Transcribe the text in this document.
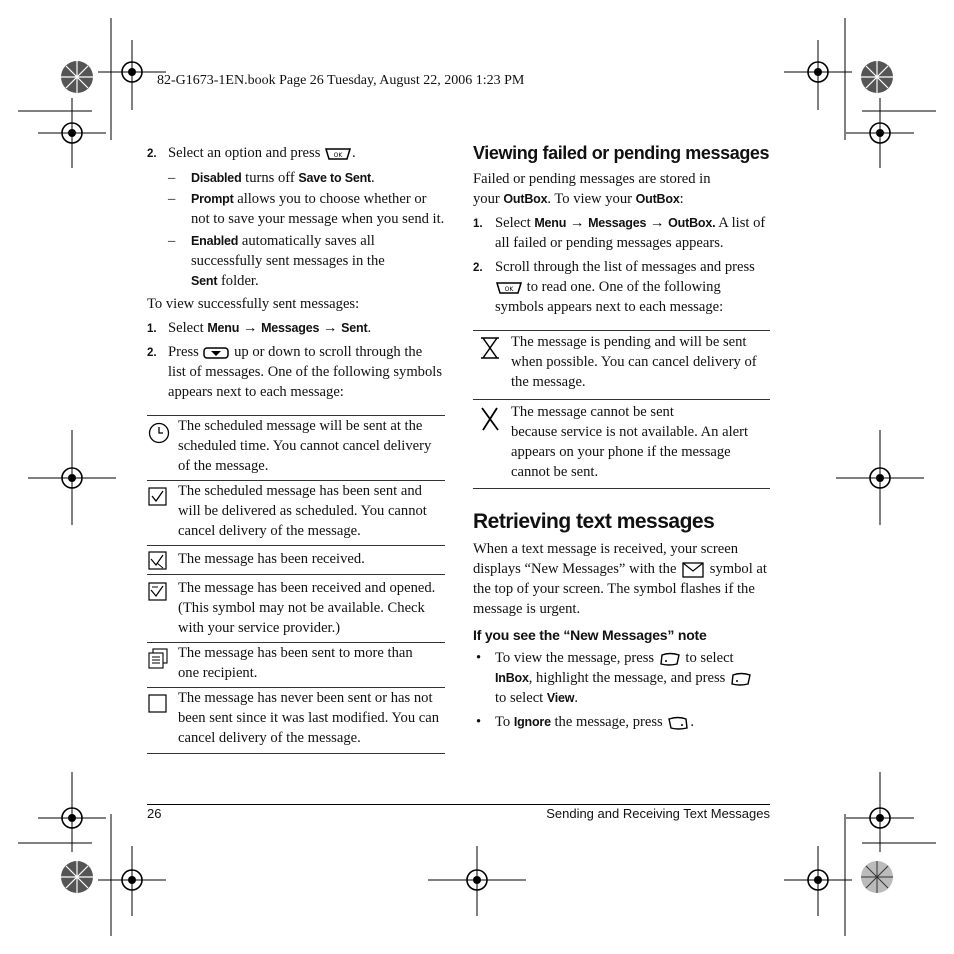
82-G1673-1EN.book Page 26 Tuesday, August 22, 2006 1:23 PM
2. Select an option and press OK .
– Disabled turns off Save to Sent.
– Prompt allows you to choose whether or
not to save your message when you send it.
– Enabled automatically saves all
successfully sent messages in the
Sent folder.
To view successfully sent messages:
1. Select Menu → Messages → Sent.
2. Press up or down to scroll through the
list of messages. One of the following symbols
appears next to each message:
The scheduled message will be sent at the
scheduled time. You cannot cancel delivery
of the message.
The scheduled message has been sent and
will be delivered as scheduled. You cannot
cancel delivery of the message.
The message has been received.
The message has been received and opened.
(This symbol may not be available. Check
with your service provider.)
The message has been sent to more than
one recipient.
The message has never been sent or has not
been sent since it was last modified. You can
cancel delivery of the message.
Viewing failed or pending messages
Failed or pending messages are stored in
your OutBox. To view your OutBox:
1. Select Menu → Messages → OutBox. A list of
all failed or pending messages appears.
2. Scroll through the list of messages and press
OK to read one. One of the following
symbols appears next to each message:
The message is pending and will be sent
when possible. You can cancel delivery of
the message.
The message cannot be sent
because service is not available. An alert
appears on your phone if the message
cannot be sent.
Retrieving text messages
When a text message is received, your screen
displays “New Messages” with the symbol at
the top of your screen. The symbol flashes if the
message is urgent.
If you see the “New Messages” note
• To view the message, press to select
InBox, highlight the message, and press
to select View.
• To Ignore the message, press .
26	Sending and Receiving Text Messages
